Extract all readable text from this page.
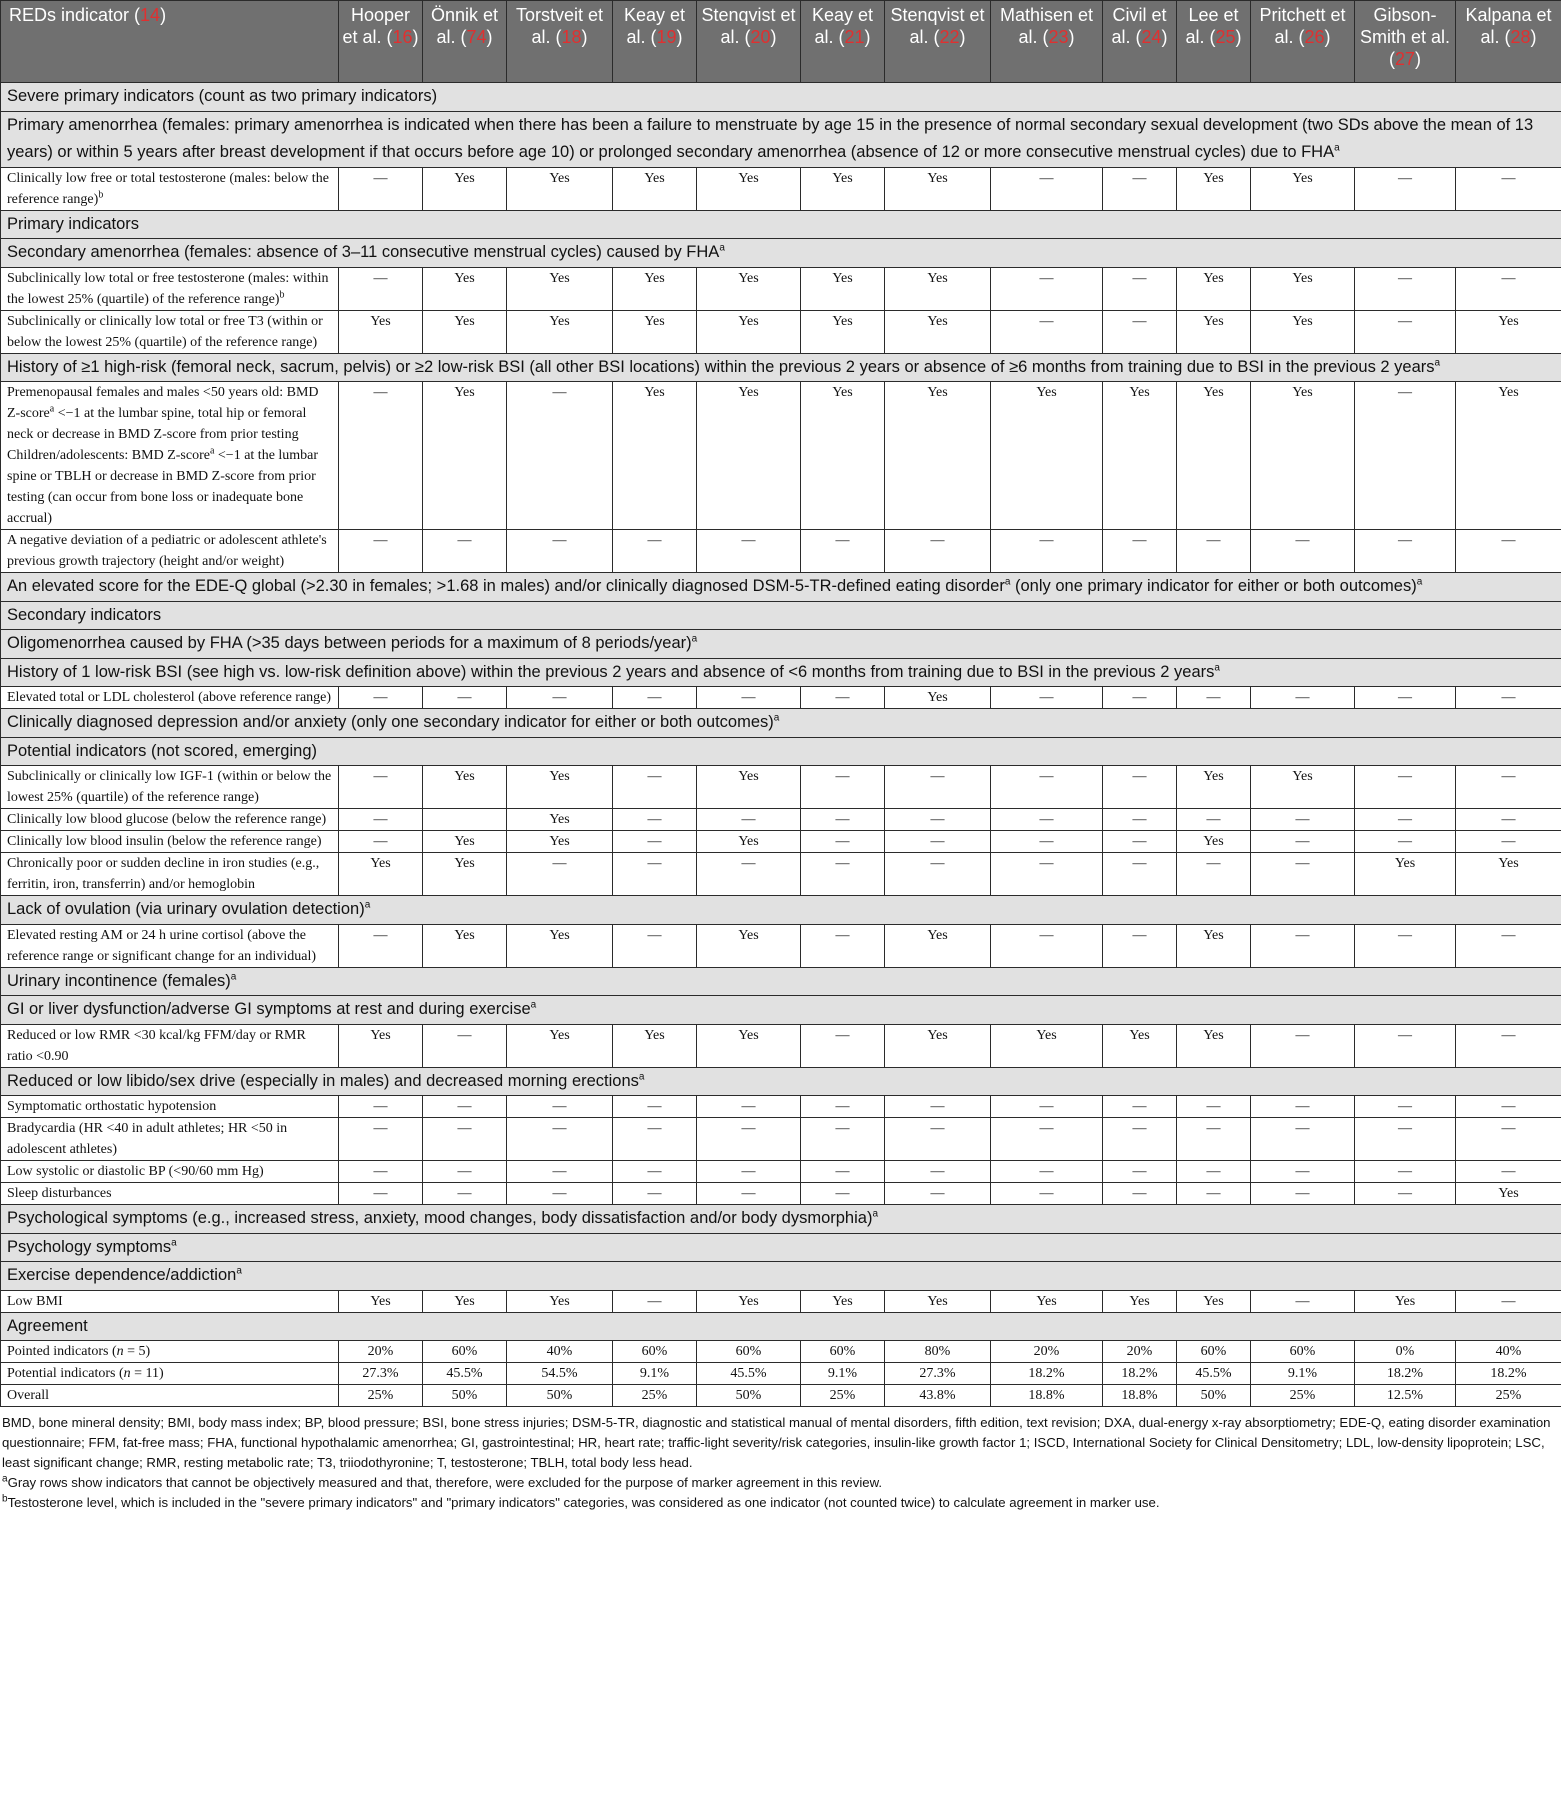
REDs indicator (14)	Hooper et al. (16)	Önnik et al. (74)	Torstveit et al. (18)	Keay et al. (19)	Stenqvist et al. (20)	Keay et al. (21)	Stenqvist et al. (22)	Mathisen et al. (23)	Civil et al. (24)	Lee et al. (25)	Pritchett et al. (26)	Gibson-Smith et al. (27)	Kalpana et al. (28)
Severe primary indicators (count as two primary indicators)													
Primary amenorrhea (females: primary amenorrhea is indicated when there has been a failure to menstruate by age 15 in the presence of normal secondary sexual development (two SDs above the mean of 13 years) or within 5 years after breast development if that occurs before age 10) or prolonged secondary amenorrhea (absence of 12 or more consecutive menstrual cycles) due to FHA$^a$
Clinically low free or total testosterone (males: below the reference range)$^b$	—	Yes	Yes	Yes	Yes	Yes	Yes	—	—	Yes	Yes	—	—
Primary indicators													
Secondary amenorrhea (females: absence of 3–11 consecutive menstrual cycles) caused by FHA$^a$
Subclinically low total or free testosterone (males: within the lowest 25% (quartile) of the reference range)$^b$	—	Yes	Yes	Yes	Yes	Yes	Yes	—	—	Yes	Yes	—	—
Subclinically or clinically low total or free T3 (within or below the lowest 25% (quartile) of the reference range)	Yes	Yes	Yes	Yes	Yes	Yes	Yes	—	—	Yes	Yes	—	Yes
History of ≥1 high-risk (femoral neck, sacrum, pelvis) or ≥2 low-risk BSI (all other BSI locations) within the previous 2 years or absence of ≥6 months from training due to BSI in the previous 2 years$^a$
Premenopausal females and males <50 years old: BMD Z-score$^a$ <−1 at the lumbar spine, total hip or femoral neck or decrease in BMD Z-score from prior testing Children/adolescents: BMD Z-score$^a$ <−1 at the lumbar spine or TBLH or decrease in BMD Z-score from prior testing (can occur from bone loss or inadequate bone accrual)	—	Yes	—	Yes	Yes	Yes	Yes	Yes	Yes	Yes	Yes	—	Yes
A negative deviation of a pediatric or adolescent athlete's previous growth trajectory (height and/or weight)	—	—	—	—	—	—	—	—	—	—	—	—	—
An elevated score for the EDE-Q global (>2.30 in females; >1.68 in males) and/or clinically diagnosed DSM-5-TR-defined eating disorder$^a$ (only one primary indicator for either or both outcomes)$^a$
Secondary indicators													
Oligomenorrhea caused by FHA (>35 days between periods for a maximum of 8 periods/year)$^a$
History of 1 low-risk BSI (see high vs. low-risk definition above) within the previous 2 years and absence of <6 months from training due to BSI in the previous 2 years$^a$
Elevated total or LDL cholesterol (above reference range)	—	—	—	—	—	—	Yes	—	—	—	—	—	—
Clinically diagnosed depression and/or anxiety (only one secondary indicator for either or both outcomes)$^a$
Potential indicators (not scored, emerging)													
Subclinically or clinically low IGF-1 (within or below the lowest 25% (quartile) of the reference range)	—	Yes	Yes	—	Yes	—	—	—	—	Yes	Yes	—	—
Clinically low blood glucose (below the reference range)	—		Yes	—	—	—	—	—	—	—	—	—	—
Clinically low blood insulin (below the reference range)	—	Yes	Yes	—	Yes	—	—	—	—	Yes	—	—	—
Chronically poor or sudden decline in iron studies (e.g., ferritin, iron, transferrin) and/or hemoglobin	Yes	Yes	—	—	—	—	—	—	—	—	—	Yes	Yes
Lack of ovulation (via urinary ovulation detection)$^a$
Elevated resting AM or 24 h urine cortisol (above the reference range or significant change for an individual)	—	Yes	Yes	—	Yes	—	Yes	—	—	Yes	—	—	—
Urinary incontinence (females)$^a$
GI or liver dysfunction/adverse GI symptoms at rest and during exercise$^a$
Reduced or low RMR <30 kcal/kg FFM/day or RMR ratio <0.90	Yes	—	Yes	Yes	Yes	—	Yes	Yes	Yes	Yes	—	—	—
Reduced or low libido/sex drive (especially in males) and decreased morning erections$^a$
Symptomatic orthostatic hypotension	—	—	—	—	—	—	—	—	—	—	—	—	—
Bradycardia (HR <40 in adult athletes; HR <50 in adolescent athletes)	—	—	—	—	—	—	—	—	—	—	—	—	—
Low systolic or diastolic BP (<90/60 mm Hg)	—	—	—	—	—	—	—	—	—	—	—	—	—
Sleep disturbances	—	—	—	—	—	—	—	—	—	—	—	—	Yes
Psychological symptoms (e.g., increased stress, anxiety, mood changes, body dissatisfaction and/or body dysmorphia)$^a$
Psychology symptoms$^a$
Exercise dependence/addiction$^a$
Low BMI	Yes	Yes	Yes	—	Yes	Yes	Yes	Yes	Yes	Yes	—	Yes	—
Agreement													
Pointed indicators (n = 5)	20%	60%	40%	60%	60%	60%	80%	20%	20%	60%	60%	0%	40%
Potential indicators (n = 11)	27.3%	45.5%	54.5%	9.1%	45.5%	9.1%	27.3%	18.2%	18.2%	45.5%	9.1%	18.2%	18.2%
Overall	25%	50%	50%	25%	50%	25%	43.8%	18.8%	18.8%	50%	25%	12.5%	25%

BMD, bone mineral density; BMI, body mass index; BP, blood pressure; BSI, bone stress injuries; DSM-5-TR, diagnostic and statistical manual of mental disorders, fifth edition, text revision; DXA, dual-energy x-ray absorptiometry; EDE-Q, eating disorder examination questionnaire; FFM, fat-free mass; FHA, functional hypothalamic amenorrhea; GI, gastrointestinal; HR, heart rate; traffic-light severity/risk categories, insulin-like growth factor 1; ISCD, International Society for Clinical Densitometry; LDL, low-density lipoprotein; LSC, least significant change; RMR, resting metabolic rate; T3, triiodothyronine; T, testosterone; TBLH, total body less head.

$^a$Gray rows show indicators that cannot be objectively measured and that, therefore, were excluded for the purpose of marker agreement in this review.

$^b$Testosterone level, which is included in the "severe primary indicators" and "primary indicators" categories, was considered as one indicator (not counted twice) to calculate agreement in marker use.
